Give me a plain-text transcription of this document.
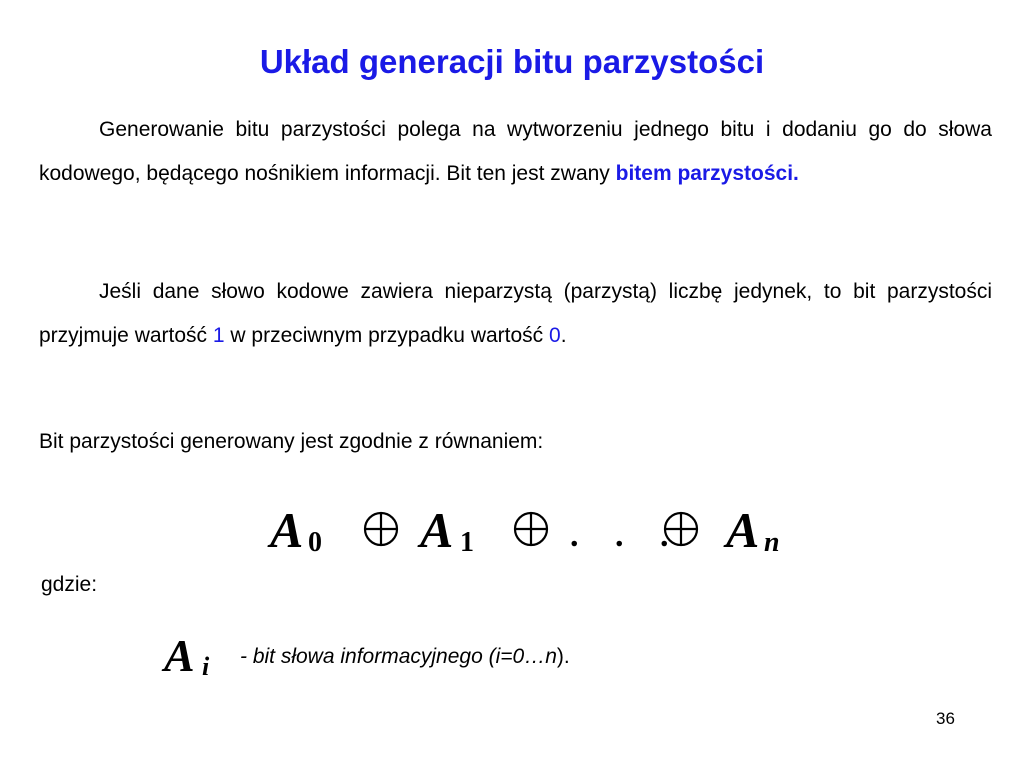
Układ generacji bitu parzystości
Generowanie bitu parzystości polega na wytworzeniu jednego bitu i dodaniu go do słowa kodowego, będącego nośnikiem informacji. Bit ten jest zwany bitem parzystości.
Jeśli dane słowo kodowe zawiera nieparzystą (parzystą) liczbę jedynek, to bit parzystości przyjmuje wartość 1 w przeciwnym przypadku wartość 0.
Bit parzystości generowany jest zgodnie z równaniem:
A 0 A 1	. . . A n
gdzie:
A i - bit słowa informacyjnego (i=0…n).
36
